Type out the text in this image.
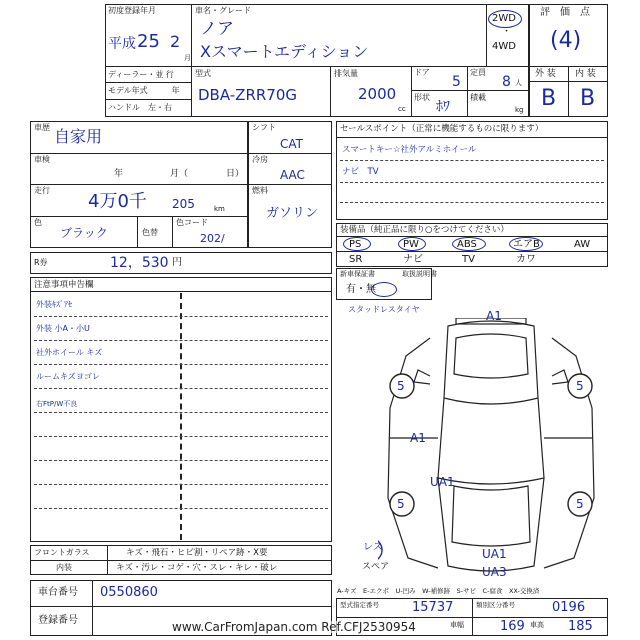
初度登録年月
平成 25 2
月
車名・グレード
ノア
Xスマートエディション
2WD
・
4WD
ディーラー・並 行
モデル年式　　　年
ハンドル　左・右
型式
DBA-ZRR70G
排気量
2000
cc
ドア
5
定員
8 人
形状
ﾎﾜ
積載
kg
評　価　点
(4)
外 装 内 装
B B
車歴 自家用
車検
年	月（	日）
走行
4万0千 205	km
色
ブラック	色替
色コード
202/
シフト
CAT
冷房
AAC
燃料
ガソリン
R券	12，530 円
セールスポイント（正常に機能するものに限ります）
スマートキー☆社外アルミホイール
ナビ　TV
装備品（純正品に限り○をつけてください）
PS	PW	ABS	エアB	AW
SR	ナビ	TV	カワ
新車保証書	取扱説明書
有・無
注意事項申告欄
外装ｷｽﾞｱｾ
外装 小A・小U
社外ホイール キズ
ルームキズヨゴレ
右FtP/W不良
スタッドレスタイヤ	A1
5	5
A1
UA1
5	5
レス
スペア
UA1
UA3
フロントガラス	キズ・飛石・ヒビ割・リペア跡・X要
内装	キズ・汚レ・コゲ・穴・スレ・キレ・破レ
A-キズ　E-エクボ　U-凹み　W-補修跡　S-サビ　C-腐食　XX-交換済
車台番号 0550860
登録番号
型式指定番号	15737	類別区分番号	0196
車幅	169 車高 185
www.CarFromJapan.com Ref.CFJ2530954
